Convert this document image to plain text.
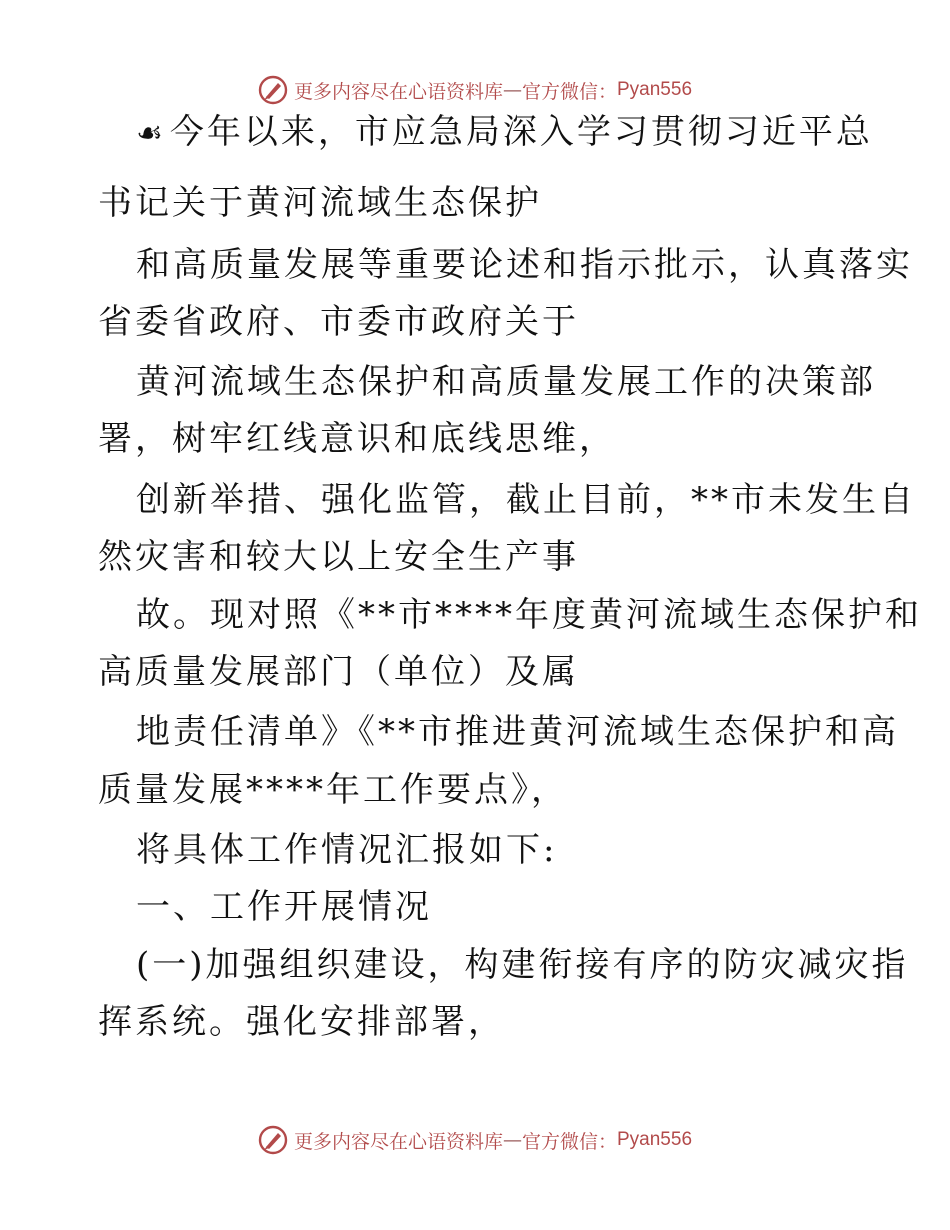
更多内容尽在心语资料库 — 官方微信： Pyan556
☙ 今年以来，市应急局深入学习贯彻习近平总
书记关于黄河流域生态保护
和高质量发展等重要论述和指示批示，认真落实
省委省政府、市委市政府关于
黄河流域生态保护和高质量发展工作的决策部
署，树牢红线意识和底线思维，
创新举措、强化监管，截止目前，**市未发生自
然灾害和较大以上安全生产事
故。现对照《**市****年度黄河流域生态保护和
高质量发展部门（单位）及属
地责任清单》《**市推进黄河流域生态保护和高
质量发展****年工作要点》，
将具体工作情况汇报如下:
一、工作开展情况
(一)加强组织建设，构建衔接有序的防灾减灾指
挥系统。强化安排部署，
更多内容尽在心语资料库 — 官方微信： Pyan556
